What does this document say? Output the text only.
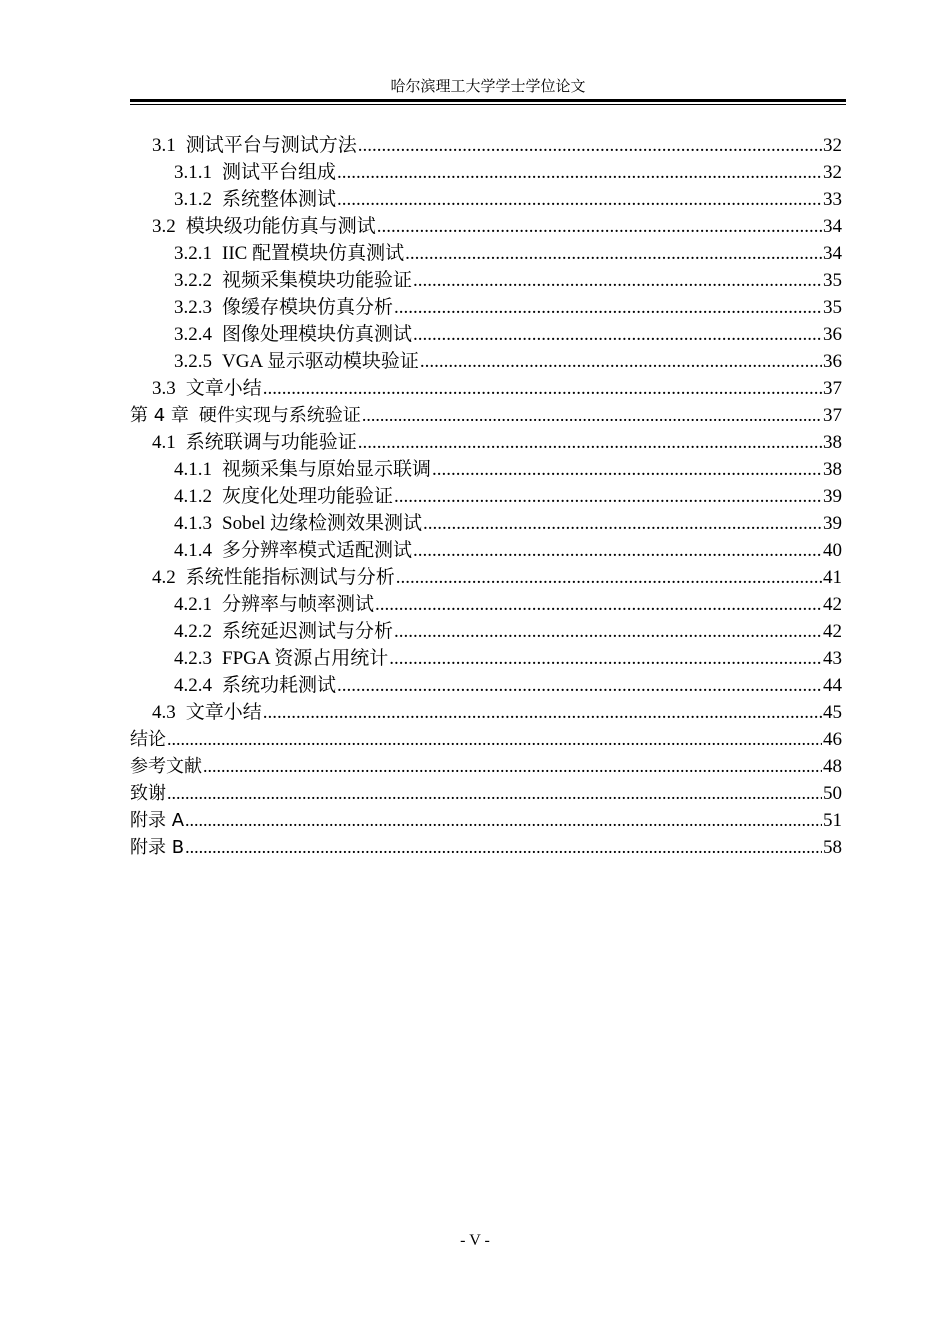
哈尔滨理工大学学士学位论文
3.1 测试平台与测试方法 .....	32
3.1.1 测试平台组成 .....	32
3.1.2 系统整体测试 .....	33
3.2 模块级功能仿真与测试 .....	34
3.2.1 IIC 配置模块仿真测试 .....	34
3.2.2 视频采集模块功能验证 .....	35
3.2.3 像缓存模块仿真分析 .....	35
3.2.4 图像处理模块仿真测试 .....	36
3.2.5 VGA 显示驱动模块验证 .....	36
3.3 文章小结 .....	37
第 4 章 硬件实现与系统验证 .....	37
4.1 系统联调与功能验证 .....	38
4.1.1 视频采集与原始显示联调 .....	38
4.1.2 灰度化处理功能验证 .....	39
4.1.3 Sobel 边缘检测效果测试 .....	39
4.1.4 多分辨率模式适配测试 .....	40
4.2 系统性能指标测试与分析 .....	41
4.2.1 分辨率与帧率测试 .....	42
4.2.2 系统延迟测试与分析 .....	42
4.2.3 FPGA 资源占用统计 .....	43
4.2.4 系统功耗测试 .....	44
4.3 文章小结 .....	45
结论 .....	46
参考文献 .....	48
致谢 .....	50
附录 A .....	51
附录 B .....	58
- V -
